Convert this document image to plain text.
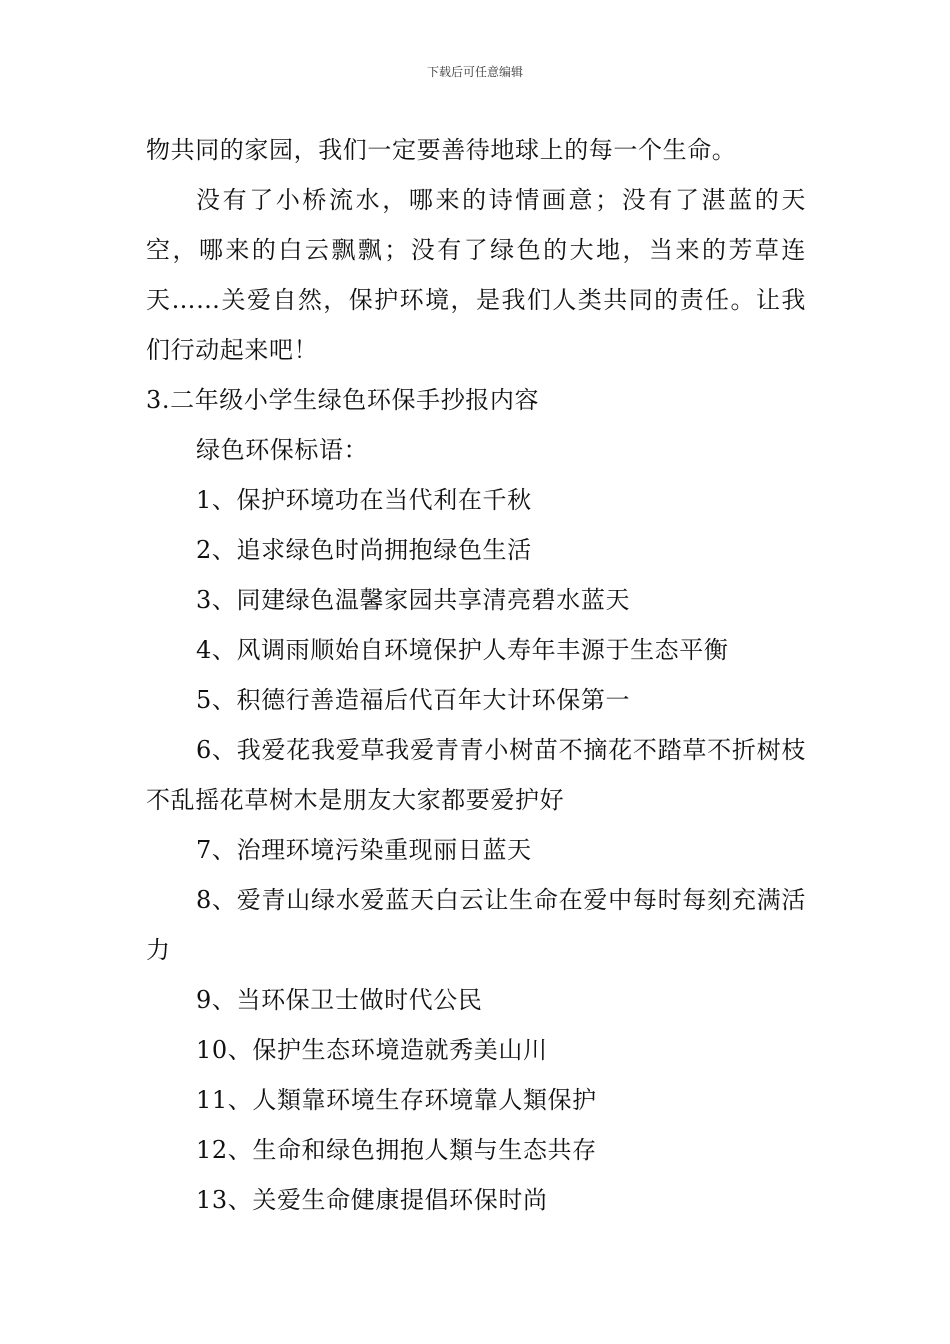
下载后可任意编辑

物共同的家园，我们一定要善待地球上的每一个生命。

没有了小桥流水，哪来的诗情画意；没有了湛蓝的天空，哪来的白云飘飘；没有了绿色的大地，当来的芳草连天……关爱自然，保护环境，是我们人类共同的责任。让我们行动起来吧！

3.二年级小学生绿色环保手抄报内容

绿色环保标语：

1、保护环境功在当代利在千秋

2、追求绿色时尚拥抱绿色生活

3、同建绿色温馨家园共享清亮碧水蓝天

4、风调雨顺始自环境保护人寿年丰源于生态平衡

5、积德行善造福后代百年大计环保第一

6、我爱花我爱草我爱青青小树苗不摘花不踏草不折树枝不乱摇花草树木是朋友大家都要爱护好

7、治理环境污染重现丽日蓝天

8、爱青山绿水爱蓝天白云让生命在爱中每时每刻充满活力

9、当环保卫士做时代公民

10、保护生态环境造就秀美山川

11、人類靠环境生存环境靠人類保护

12、生命和绿色拥抱人類与生态共存

13、关爱生命健康提倡环保时尚
